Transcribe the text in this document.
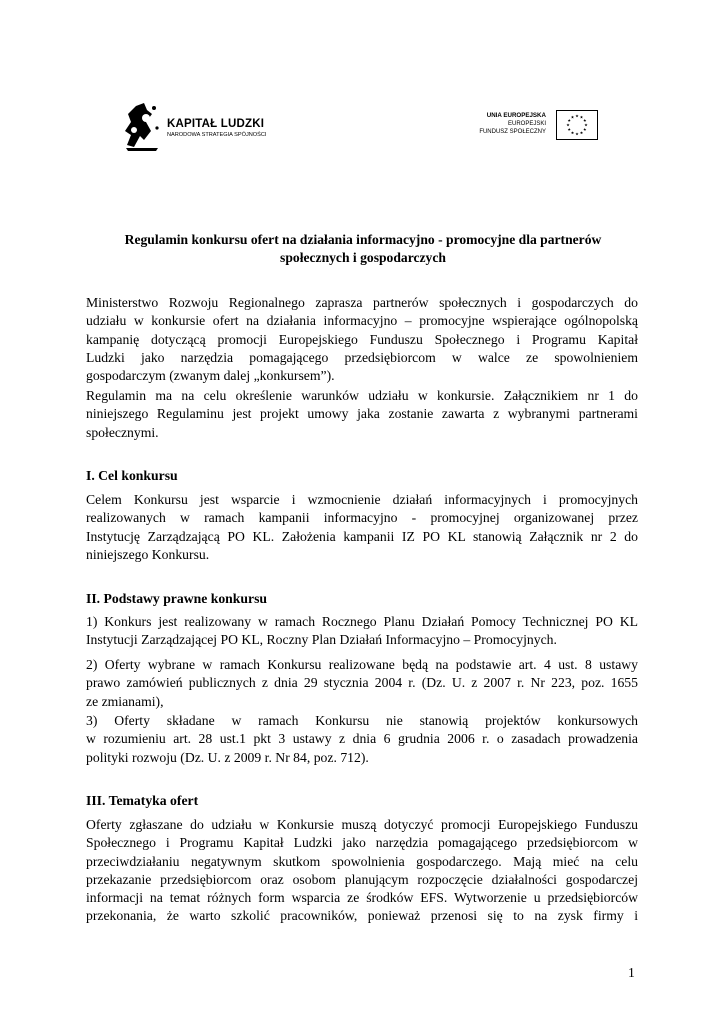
KAPITAŁ LUDZKI
NARODOWA STRATEGIA SPÓJNOŚCI
UNIA EUROPEJSKA
EUROPEJSKI
FUNDUSZ SPOŁECZNY

Regulamin konkursu ofert na działania informacyjno - promocyjne dla partnerów

społecznych i gospodarczych

Ministerstwo Rozwoju Regionalnego zaprasza partnerów społecznych i gospodarczych do
udziału w konkursie ofert na działania informacyjno – promocyjne wspierające ogólnopolską
kampanię dotyczącą promocji Europejskiego Funduszu Społecznego i Programu Kapitał
Ludzki jako narzędzia pomagającego przedsiębiorcom w walce ze spowolnieniem
gospodarczym (zwanym dalej „konkursem”).
Regulamin ma na celu określenie warunków udziału w konkursie. Załącznikiem nr 1 do
niniejszego Regulaminu jest projekt umowy jaka zostanie zawarta z wybranymi partnerami
społecznymi.
I. Cel konkursu
Celem Konkursu jest wsparcie i wzmocnienie działań informacyjnych i promocyjnych
realizowanych w ramach kampanii informacyjno - promocyjnej organizowanej przez
Instytucję Zarządzającą PO KL. Założenia kampanii IZ PO KL stanowią Załącznik nr 2 do
niniejszego Konkursu.
II. Podstawy prawne konkursu
1) Konkurs jest realizowany w ramach Rocznego Planu Działań Pomocy Technicznej PO KL
Instytucji Zarządzającej PO KL, Roczny Plan Działań Informacyjno – Promocyjnych.
2) Oferty wybrane w ramach Konkursu realizowane będą na podstawie art. 4 ust. 8 ustawy
prawo zamówień publicznych z dnia 29 stycznia 2004 r. (Dz. U. z 2007 r. Nr 223, poz. 1655
ze zmianami),
3) Oferty składane w ramach Konkursu nie stanowią projektów konkursowych
w rozumieniu art. 28 ust.1 pkt 3 ustawy z dnia 6 grudnia 2006 r. o zasadach prowadzenia
polityki rozwoju (Dz. U. z 2009 r. Nr 84, poz. 712).
III. Tematyka ofert
Oferty zgłaszane do udziału w Konkursie muszą dotyczyć promocji Europejskiego Funduszu
Społecznego i Programu Kapitał Ludzki jako narzędzia pomagającego przedsiębiorcom w
przeciwdziałaniu negatywnym skutkom spowolnienia gospodarczego. Mają mieć na celu
przekazanie przedsiębiorcom oraz osobom planującym rozpoczęcie działalności gospodarczej
informacji na temat różnych form wsparcia ze środków EFS. Wytworzenie u przedsiębiorców
przekonania, że warto szkolić pracowników, ponieważ przenosi się to na zysk firmy i
1
